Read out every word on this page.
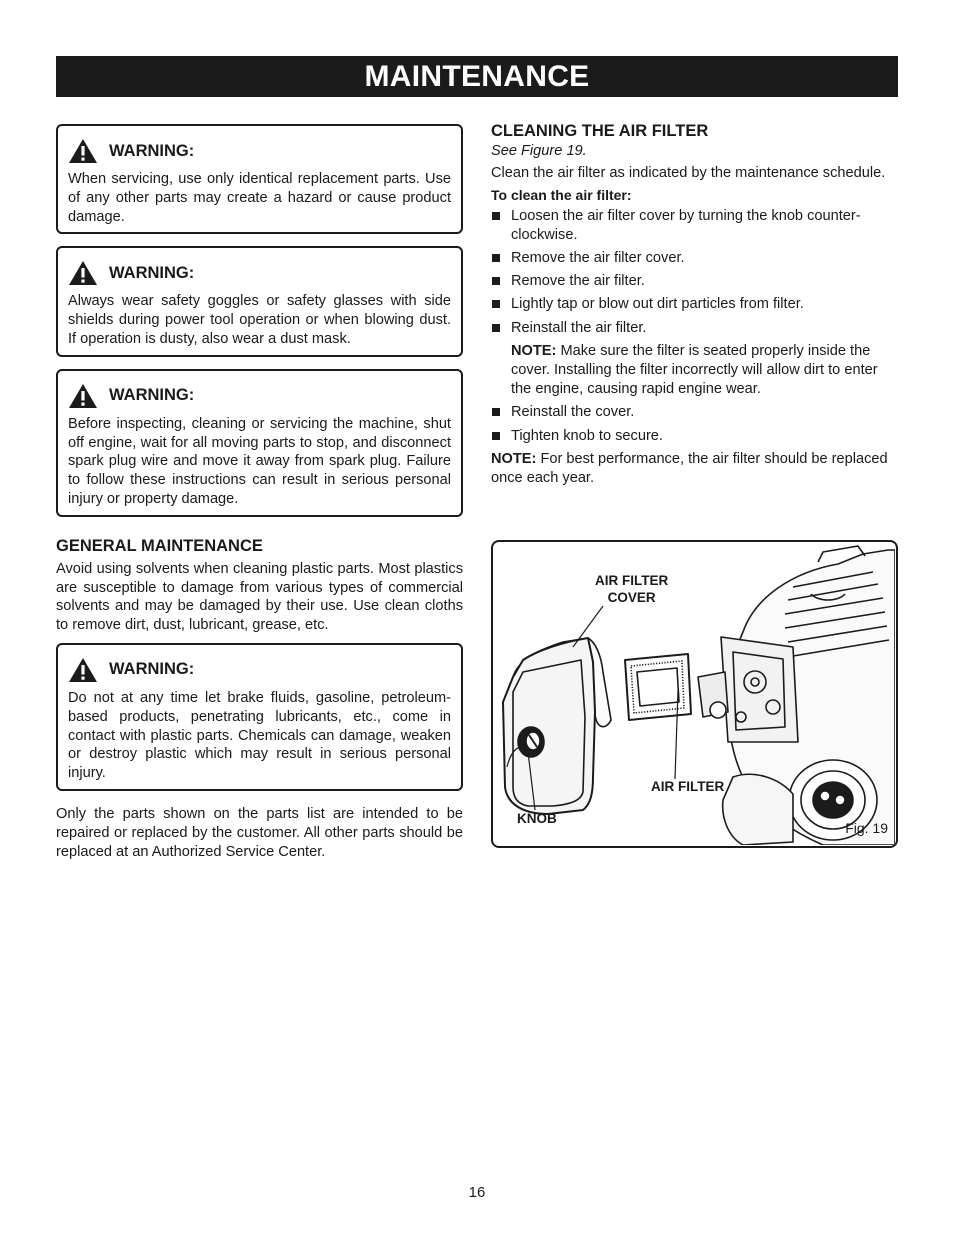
MAINTENANCE
WARNING:
When servicing, use only identical replacement parts. Use of any other parts may create a hazard or cause product damage.
WARNING:
Always wear safety goggles or safety glasses with side shields during power tool operation or when blowing dust. If operation is dusty, also wear a dust mask.
WARNING:
Before inspecting, cleaning or servicing the machine, shut off engine, wait for all moving parts to stop, and disconnect spark plug wire and move it away from spark plug. Failure to follow these instructions can result in serious personal injury or property damage.
GENERAL MAINTENANCE

Avoid using solvents when cleaning plastic parts. Most plastics are susceptible to damage from various types of commercial solvents and may be damaged by their use. Use clean cloths to remove dirt, dust, lubricant, grease, etc.

WARNING:
Do not at any time let brake fluids, gasoline, petroleum-based products, penetrating lubricants, etc., come in contact with plastic parts. Chemicals can damage, weaken or destroy plastic which may result in serious personal injury.

Only the parts shown on the parts list are intended to be repaired or replaced by the customer. All other parts should be replaced at an Authorized Service Center.

CLEANING THE AIR FILTER

See Figure 19.

Clean the air filter as indicated by the maintenance schedule.

To clean the air filter:

Loosen the air filter cover by turning the knob counter-clockwise.
Remove the air filter cover.
Remove the air filter.
Lightly tap or blow out dirt particles from filter.
Reinstall the air filter.

NOTE: Make sure the filter is seated properly inside the cover. Installing the filter incorrectly will allow dirt to enter the engine, causing rapid engine wear.

Reinstall the cover.
Tighten knob to secure.

NOTE: For best performance, the air filter should be replaced once each year.

AIR FILTER
COVER
AIR FILTER
KNOB
Fig. 19
16
